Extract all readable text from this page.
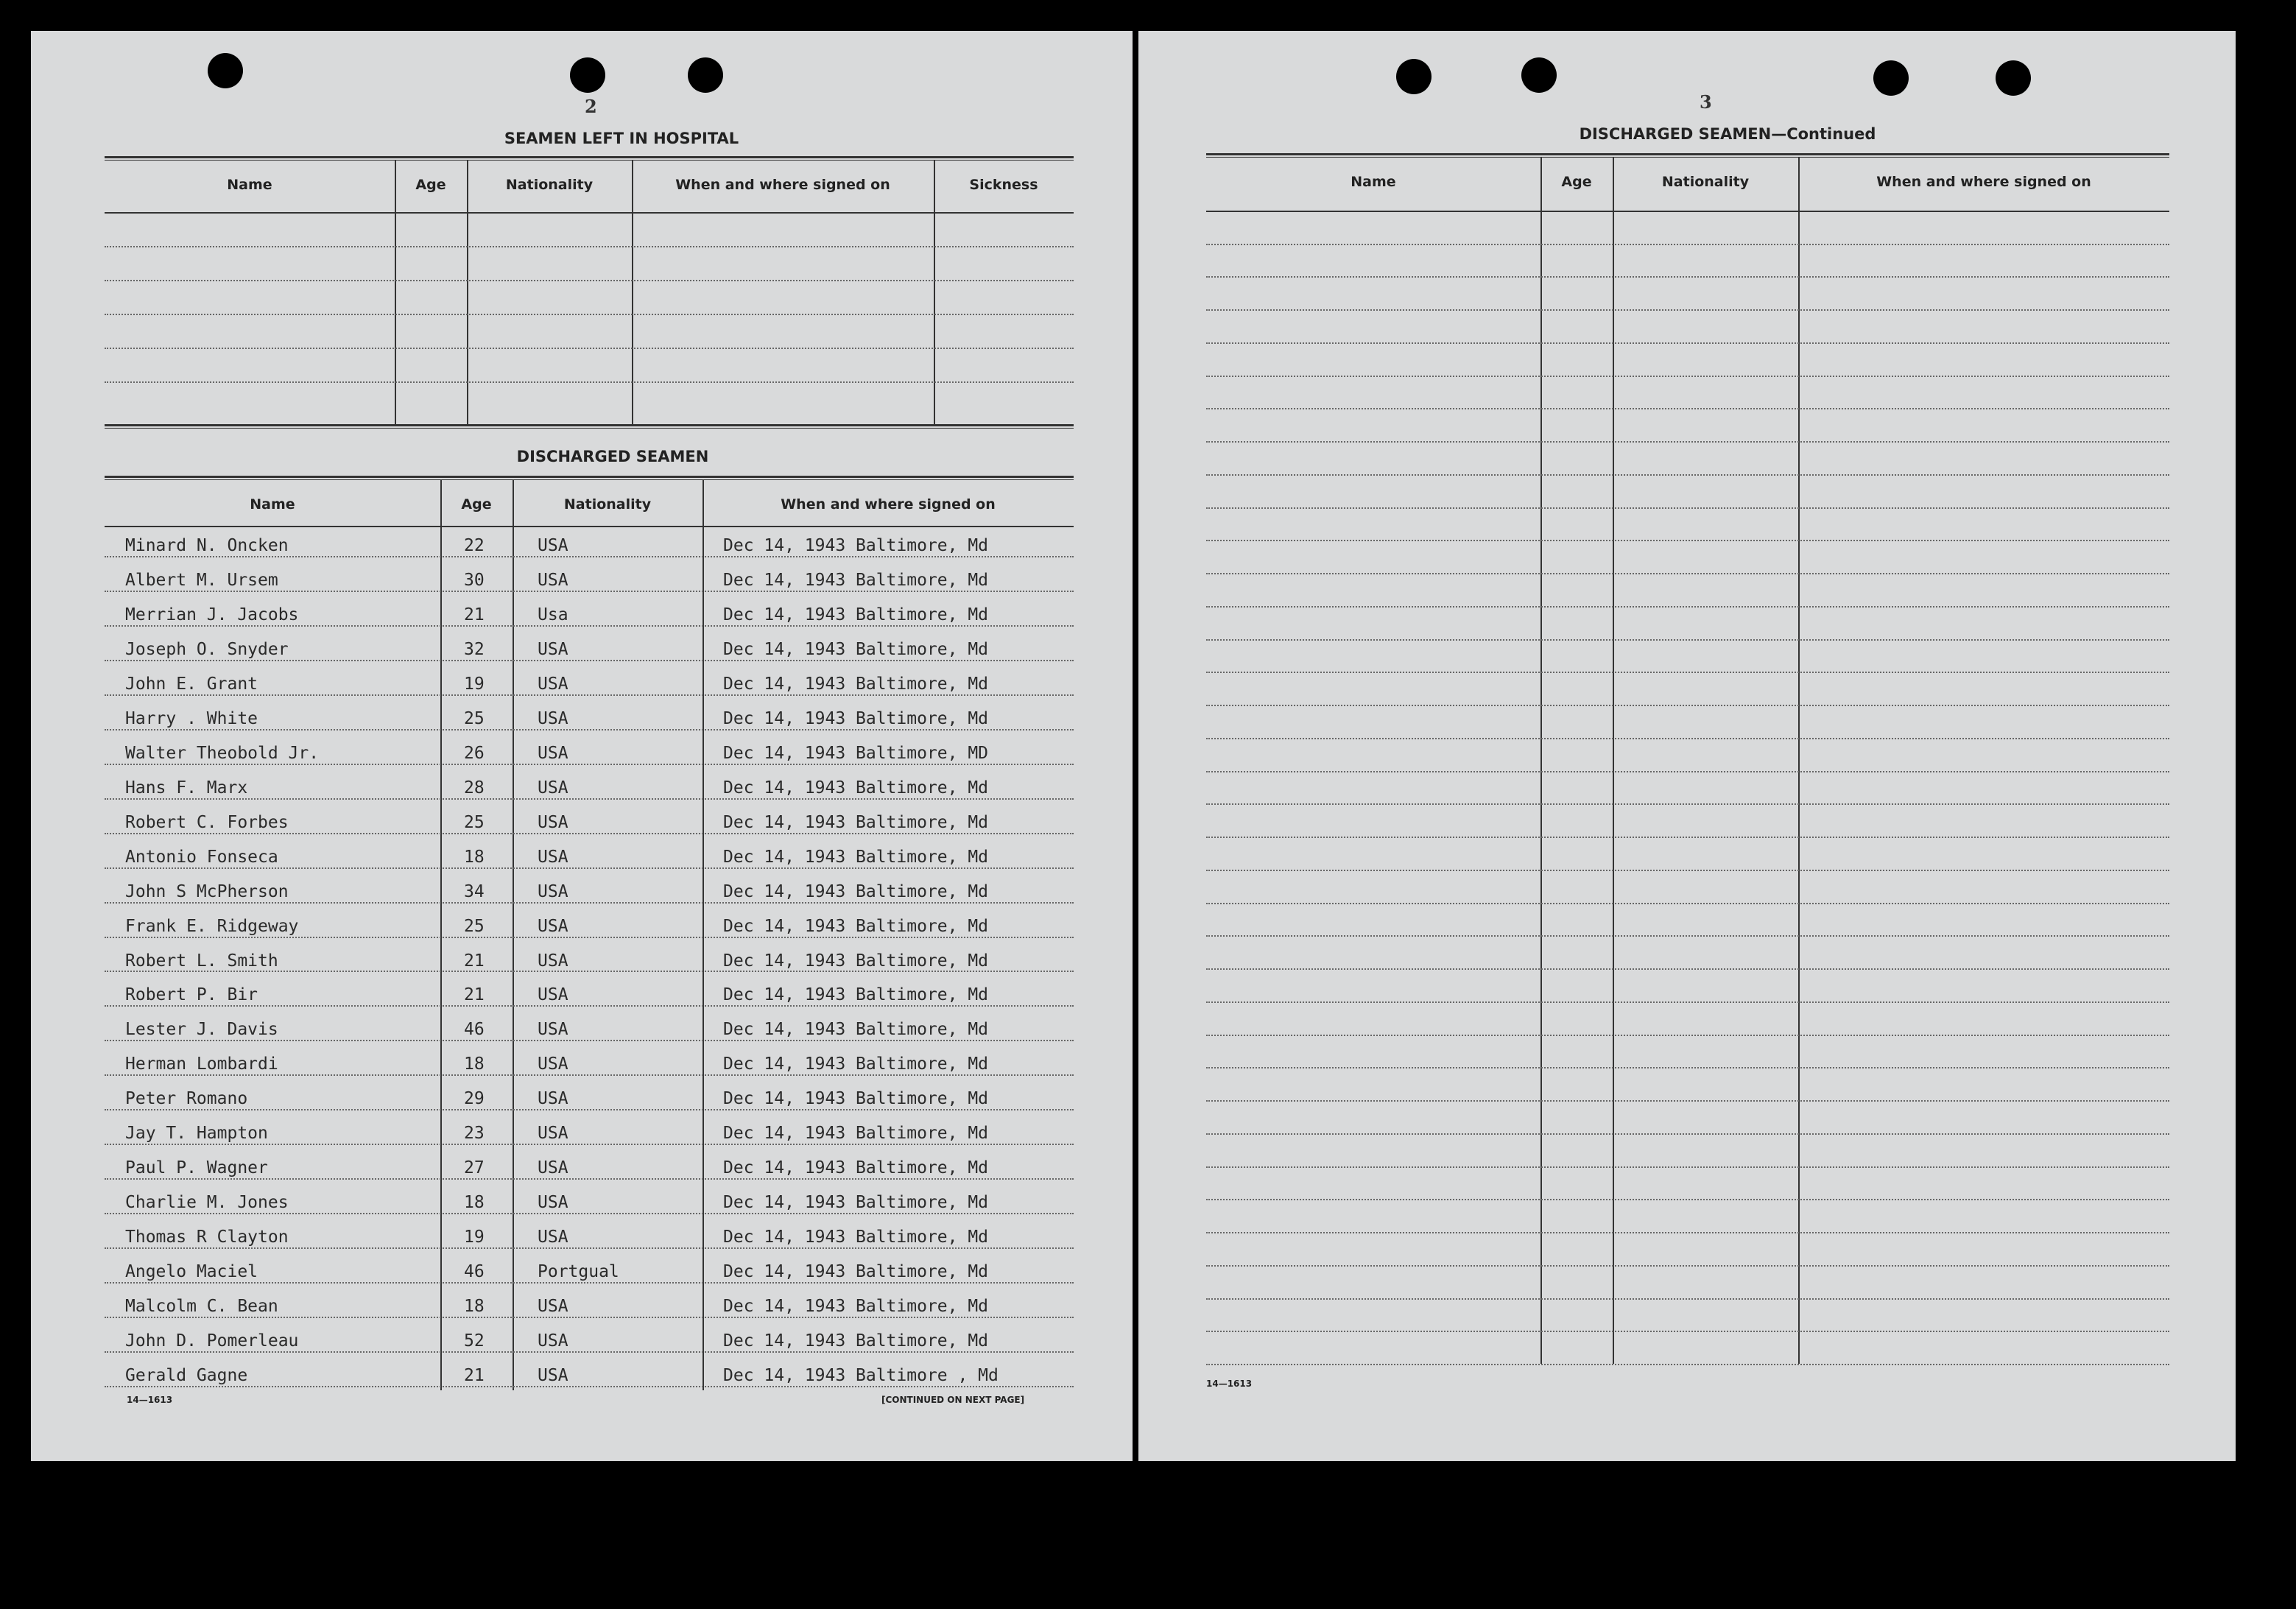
2
SEAMEN LEFT IN HOSPITAL
Name	Age	Nationality	When and where signed on	Sickness
DISCHARGED SEAMEN
Name	Age	Nationality	When and where signed on
Minard N. Oncken	22	USA	Dec 14, 1943 Baltimore, Md
Albert M. Ursem	30	USA	Dec 14, 1943 Baltimore, Md
Merrian J. Jacobs	21	Usa	Dec 14, 1943 Baltimore, Md
Joseph O. Snyder	32	USA	Dec 14, 1943 Baltimore, Md
John E. Grant	19	USA	Dec 14, 1943 Baltimore, Md
Harry . White	25	USA	Dec 14, 1943 Baltimore, Md
Walter Theobold Jr.	26	USA	Dec 14, 1943 Baltimore, MD
Hans F. Marx	28	USA	Dec 14, 1943 Baltimore, Md
Robert C. Forbes	25	USA	Dec 14, 1943 Baltimore, Md
Antonio Fonseca	18	USA	Dec 14, 1943 Baltimore, Md
John S McPherson	34	USA	Dec 14, 1943 Baltimore, Md
Frank E. Ridgeway	25	USA	Dec 14, 1943 Baltimore, Md
Robert L. Smith	21	USA	Dec 14, 1943 Baltimore, Md
Robert P. Bir	21	USA	Dec 14, 1943 Baltimore, Md
Lester J. Davis	46	USA	Dec 14, 1943 Baltimore, Md
Herman Lombardi	18	USA	Dec 14, 1943 Baltimore, Md
Peter Romano	29	USA	Dec 14, 1943 Baltimore, Md
Jay T. Hampton	23	USA	Dec 14, 1943 Baltimore, Md
Paul P. Wagner	27	USA	Dec 14, 1943 Baltimore, Md
Charlie M. Jones	18	USA	Dec 14, 1943 Baltimore, Md
Thomas R Clayton	19	USA	Dec 14, 1943 Baltimore, Md
Angelo Maciel	46	Portgual	Dec 14, 1943 Baltimore, Md
Malcolm C. Bean	18	USA	Dec 14, 1943 Baltimore, Md
John D. Pomerleau	52	USA	Dec 14, 1943 Baltimore, Md
Gerald Gagne	21	USA	Dec 14, 1943 Baltimore , Md
14—1613	[CONTINUED ON NEXT PAGE]
3
DISCHARGED SEAMEN—Continued
Name	Age	Nationality	When and where signed on
14—1613
